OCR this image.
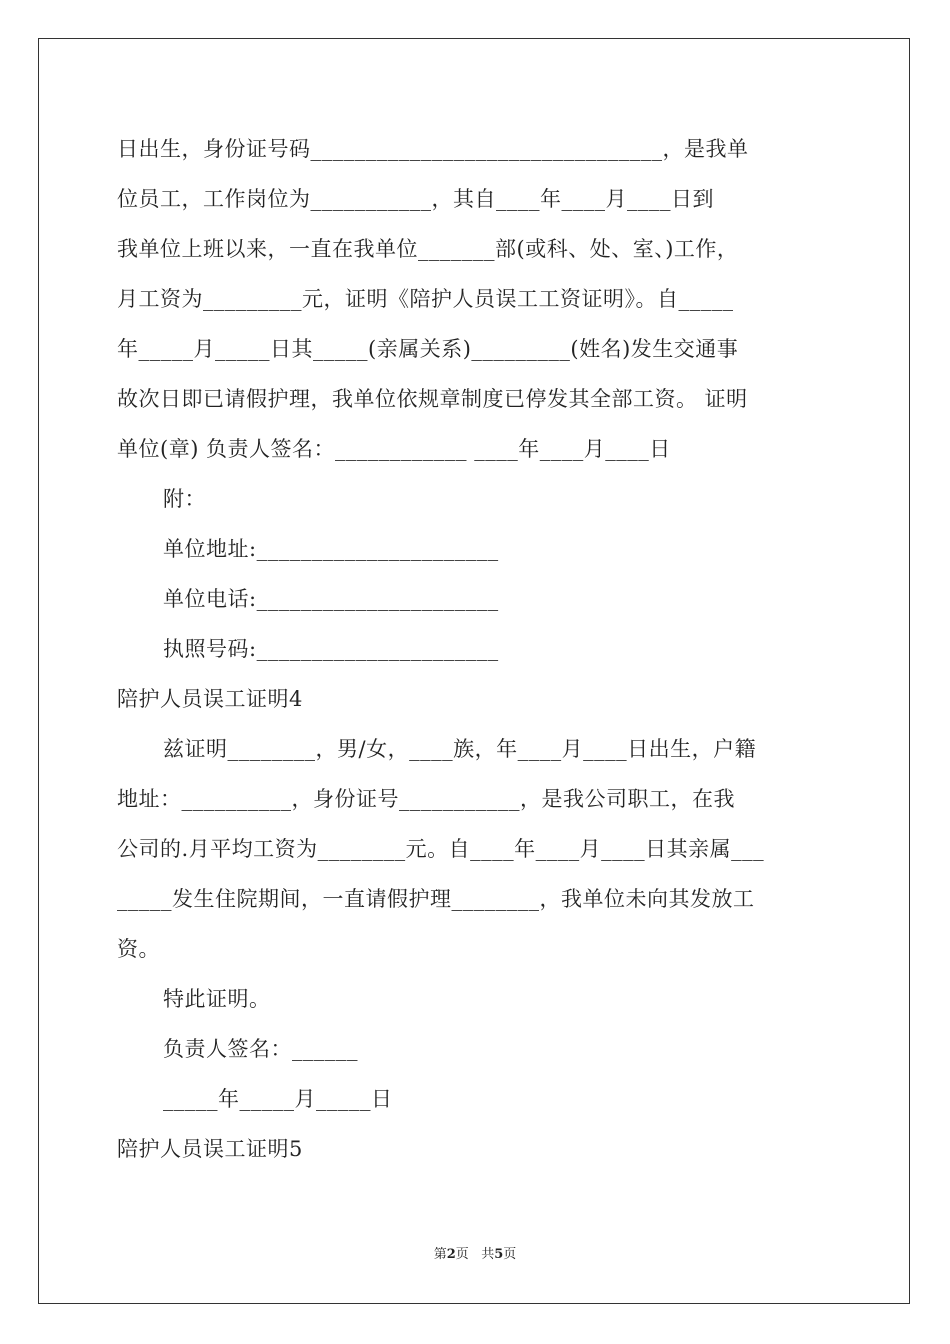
日出生，身份证号码________________________________，是我单
位员工，工作岗位为___________，其自____年____月____日到
我单位上班以来，一直在我单位_______部(或科、处、室、)工作，
月工资为_________元，证明《陪护人员误工工资证明》。自_____
年_____月_____日其_____(亲属关系)_________(姓名)发生交通事
故次日即已请假护理，我单位依规章制度已停发其全部工资。 证明
单位(章) 负责人签名：____________ ____年____月____日
附：
单位地址:______________________
单位电话:______________________
执照号码:______________________
陪护人员误工证明4
兹证明________，男/女，____族，年____月____日出生，户籍
地址：__________，身份证号___________，是我公司职工，在我
公司的.月平均工资为________元。自____年____月____日其亲属___
_____发生住院期间，一直请假护理________，我单位未向其发放工
资。
特此证明。
负责人签名：______
_____年_____月_____日
陪护人员误工证明5
第2页   共5页
